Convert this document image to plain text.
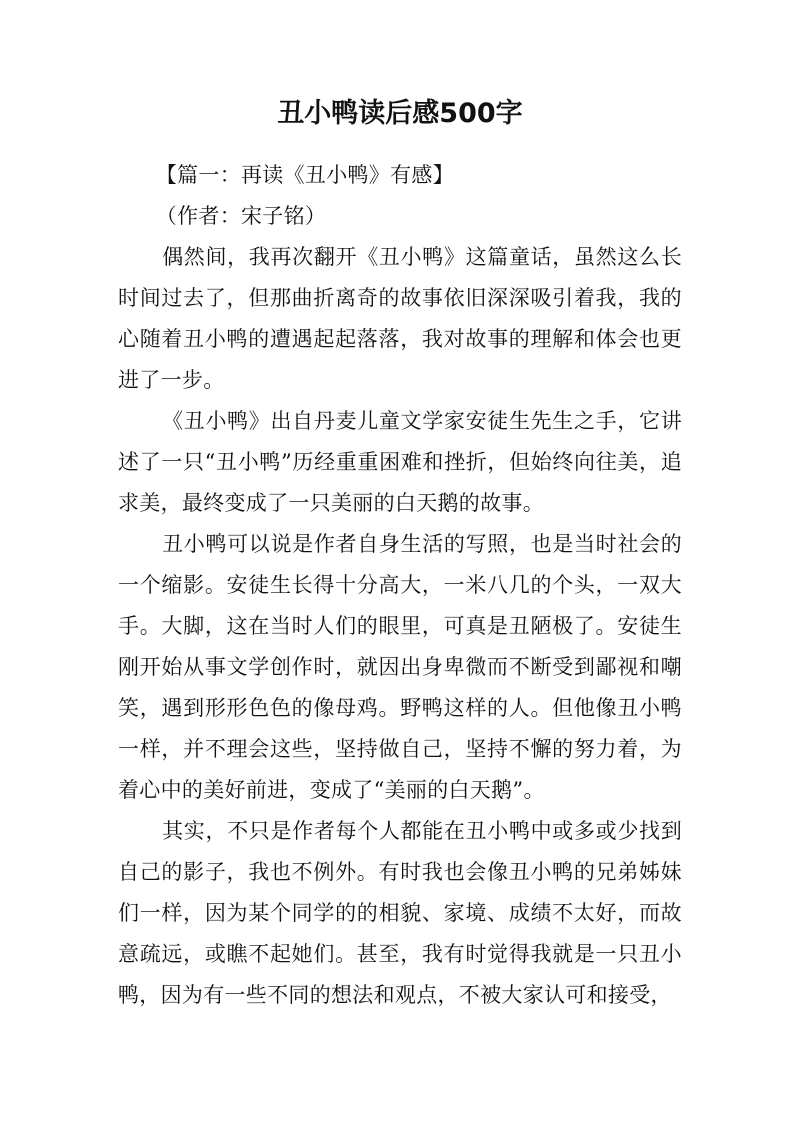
丑小鸭读后感500字

【篇一：再读《丑小鸭》有感】

（作者：宋子铭）

偶然间，我再次翻开《丑小鸭》这篇童话，虽然这么长时间过去了，但那曲折离奇的故事依旧深深吸引着我，我的心随着丑小鸭的遭遇起起落落，我对故事的理解和体会也更进了一步。

《丑小鸭》出自丹麦儿童文学家安徒生先生之手，它讲述了一只“丑小鸭”历经重重困难和挫折，但始终向往美，追求美，最终变成了一只美丽的白天鹅的故事。

丑小鸭可以说是作者自身生活的写照，也是当时社会的一个缩影。安徒生长得十分高大，一米八几的个头，一双大手。大脚，这在当时人们的眼里，可真是丑陋极了。安徒生刚开始从事文学创作时，就因出身卑微而不断受到鄙视和嘲笑，遇到形形色色的像母鸡。野鸭这样的人。但他像丑小鸭一样，并不理会这些，坚持做自己，坚持不懈的努力着，为着心中的美好前进，变成了“美丽的白天鹅”。

其实，不只是作者每个人都能在丑小鸭中或多或少找到自己的影子，我也不例外。有时我也会像丑小鸭的兄弟姊妹们一样，因为某个同学的的相貌、家境、成绩不太好，而故意疏远，或瞧不起她们。甚至，我有时觉得我就是一只丑小鸭，因为有一些不同的想法和观点，不被大家认可和接受，
